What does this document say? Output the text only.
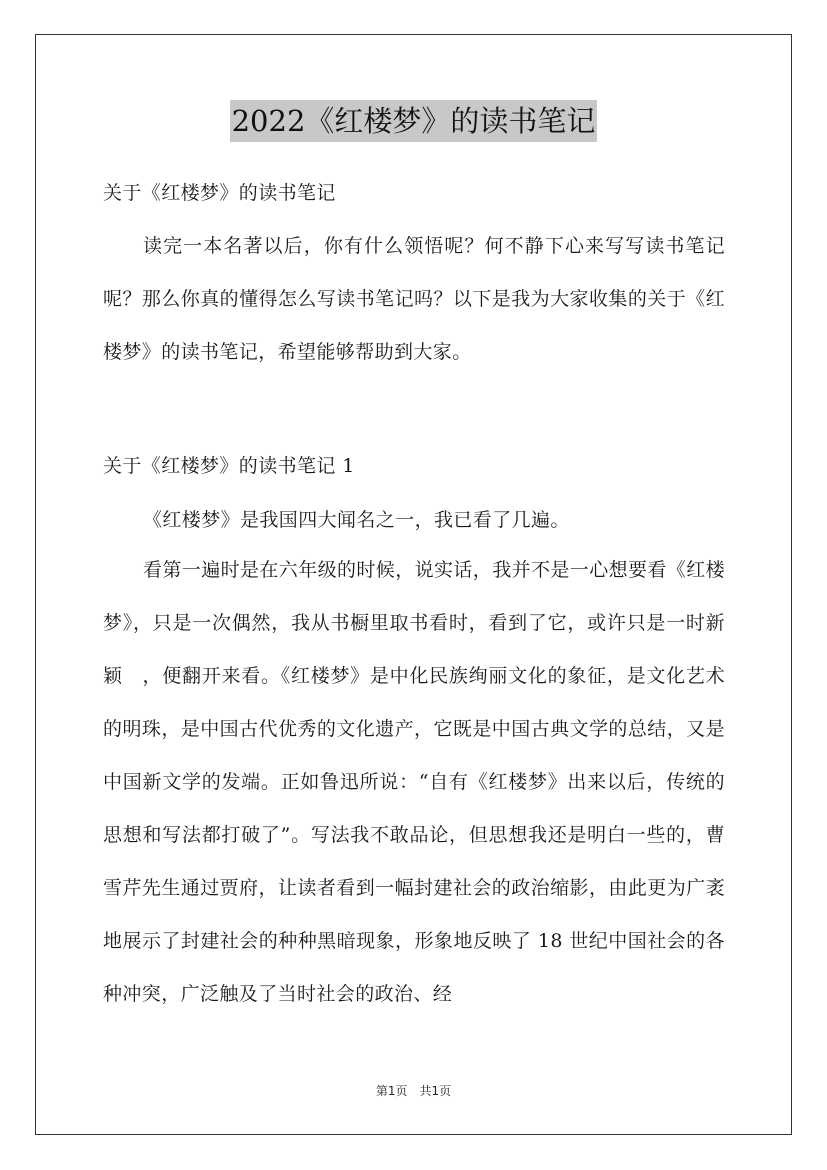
2022《红楼梦》的读书笔记
关于《红楼梦》的读书笔记

读完一本名著以后，你有什么领悟呢？何不静下心来写写读书笔记呢？那么你真的懂得怎么写读书笔记吗？以下是我为大家收集的关于《红楼梦》的读书笔记，希望能够帮助到大家。

关于《红楼梦》的读书笔记 1
《红楼梦》是我国四大闻名之一，我已看了几遍。

看第一遍时是在六年级的时候，说实话，我并不是一心想要看《红楼梦》，只是一次偶然，我从书橱里取书看时，看到了它，或许只是一时新颖　，便翻开来看。《红楼梦》是中化民族绚丽文化的象征，是文化艺术的明珠，是中国古代优秀的文化遗产，它既是中国古典文学的总结，又是中国新文学的发端。正如鲁迅所说：“自有《红楼梦》出来以后，传统的思想和写法都打破了”。写法我不敢品论，但思想我还是明白一些的，曹雪芹先生通过贾府，让读者看到一幅封建社会的政治缩影，由此更为广袤地展示了封建社会的种种黑暗现象，形象地反映了 18 世纪中国社会的各种冲突，广泛触及了当时社会的政治、经

第1页　共1页
